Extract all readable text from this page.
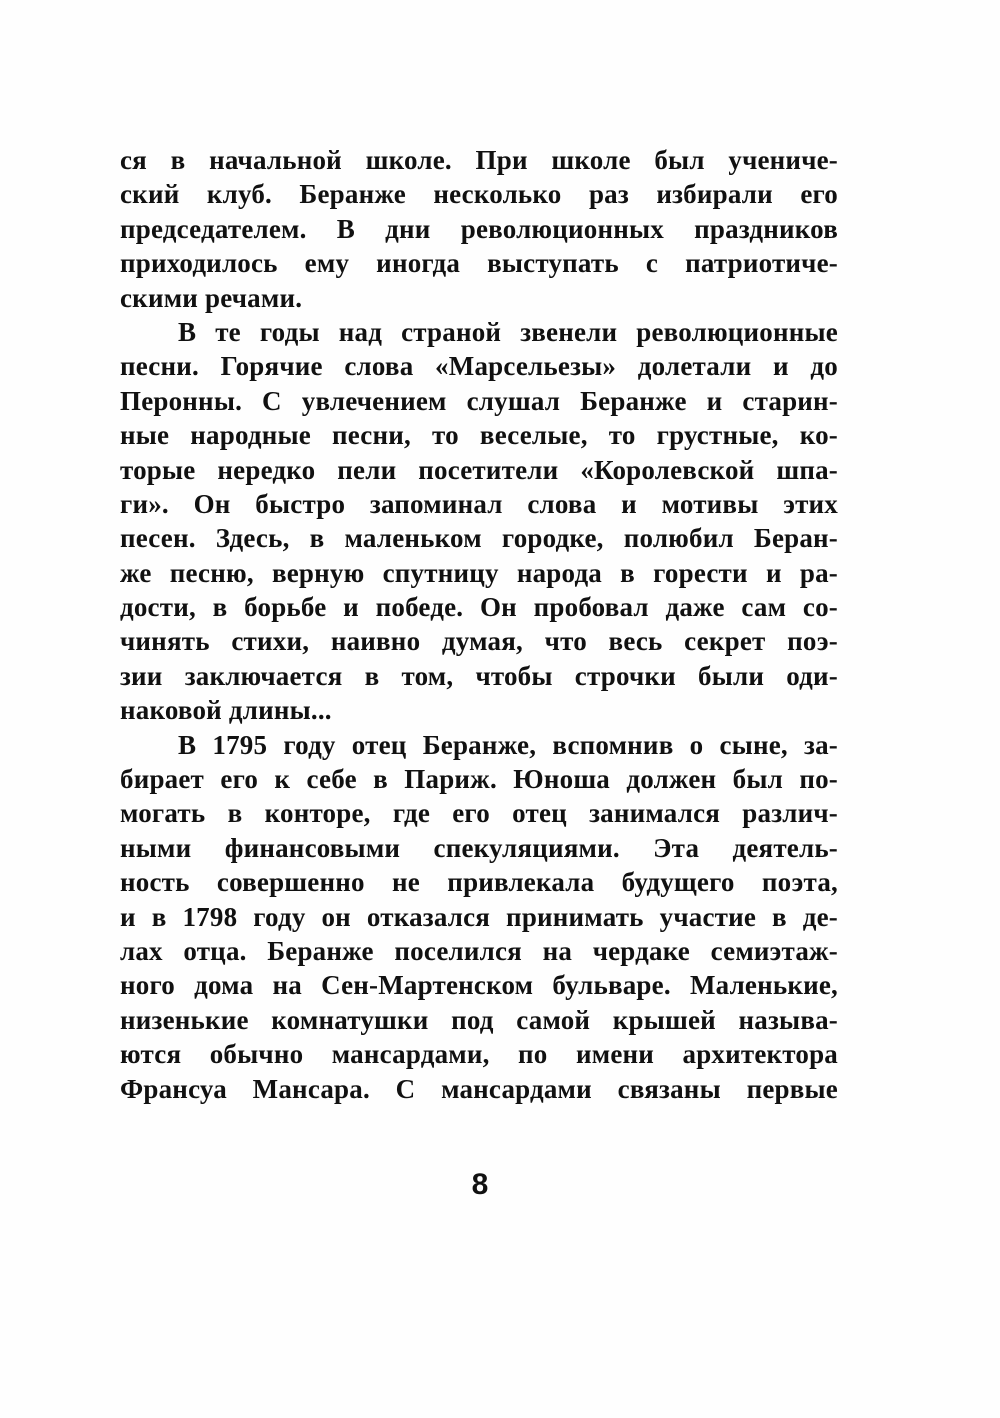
ся в начальной школе. При школе был учениче-
ский клуб. Беранже несколько раз избирали его
председателем. В дни революционных праздников
приходилось ему иногда выступать с патриотиче-
скими речами.
В те годы над страной звенели революционные
песни. Горячие слова «Марсельезы» долетали и до
Перонны. С увлечением слушал Беранже и старин-
ные народные песни, то веселые, то грустные, ко-
торые нередко пели посетители «Королевской шпа-
ги». Он быстро запоминал слова и мотивы этих
песен. Здесь, в маленьком городке, полюбил Беран-
же песню, верную спутницу народа в горести и ра-
дости, в борьбе и победе. Он пробовал даже сам со-
чинять стихи, наивно думая, что весь секрет поэ-
зии заключается в том, чтобы строчки были оди-
наковой длины...
В 1795 году отец Беранже, вспомнив о сыне, за-
бирает его к себе в Париж. Юноша должен был по-
могать в конторе, где его отец занимался различ-
ными финансовыми спекуляциями. Эта деятель-
ность совершенно не привлекала будущего поэта,
и в 1798 году он отказался принимать участие в де-
лах отца. Беранже поселился на чердаке семиэтаж-
ного дома на Сен-Мартенском бульваре. Маленькие,
низенькие комнатушки под самой крышей называ-
ются обычно мансардами, по имени архитектора
Франсуа Мансара. С мансардами связаны первые
8
